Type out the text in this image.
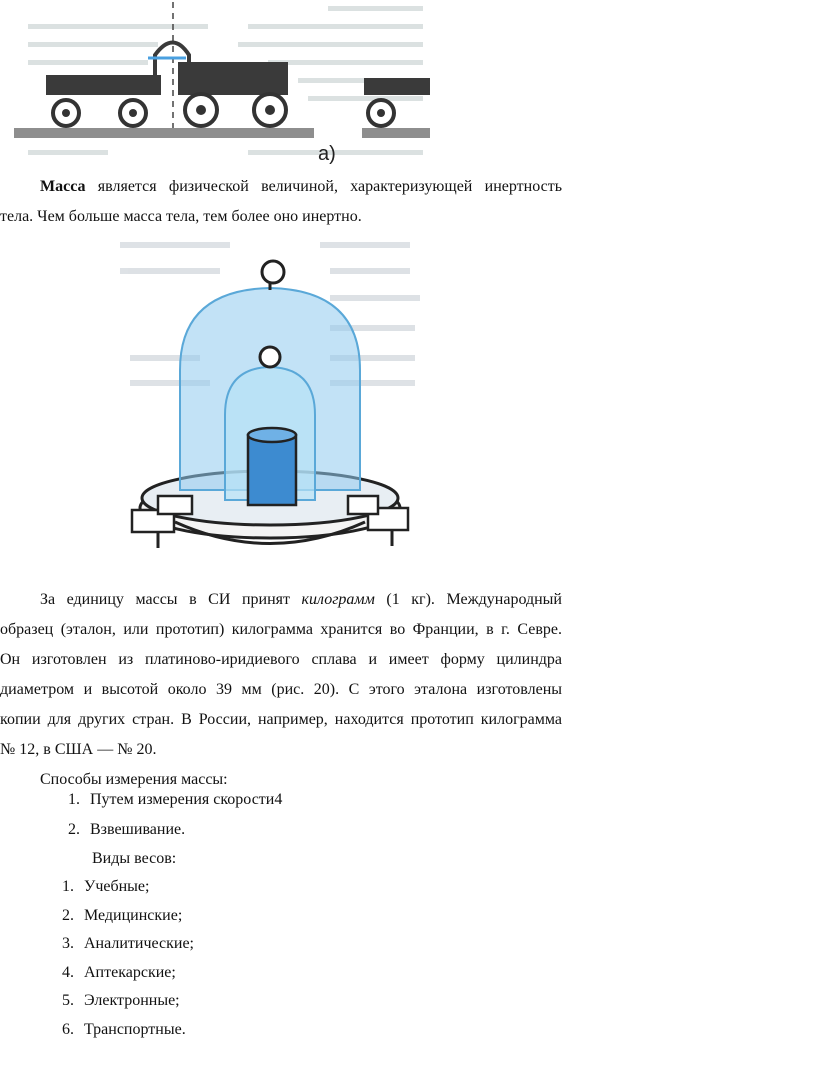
а)
Масса является физической величиной, характеризующей инертность
тела. Чем больше масса тела, тем более оно инертно.
За единицу массы в СИ принят килограмм (1 кг). Международный
образец (эталон, или прототип) килограмма хранится во Франции, в г. Севре.
Он изготовлен из платиново-иридиевого сплава и имеет форму цилиндра
диаметром и высотой около 39 мм (рис. 20). С этого эталона изготовлены
копии для других стран. В России, например, находится прототип килограмма
№ 12, в США — № 20.
Способы измерения массы:
1. Путем измерения скорости4
2. Взвешивание.
Виды весов:
1. Учебные;
2. Медицинские;
3. Аналитические;
4. Аптекарские;
5. Электронные;
6. Транспортные.
